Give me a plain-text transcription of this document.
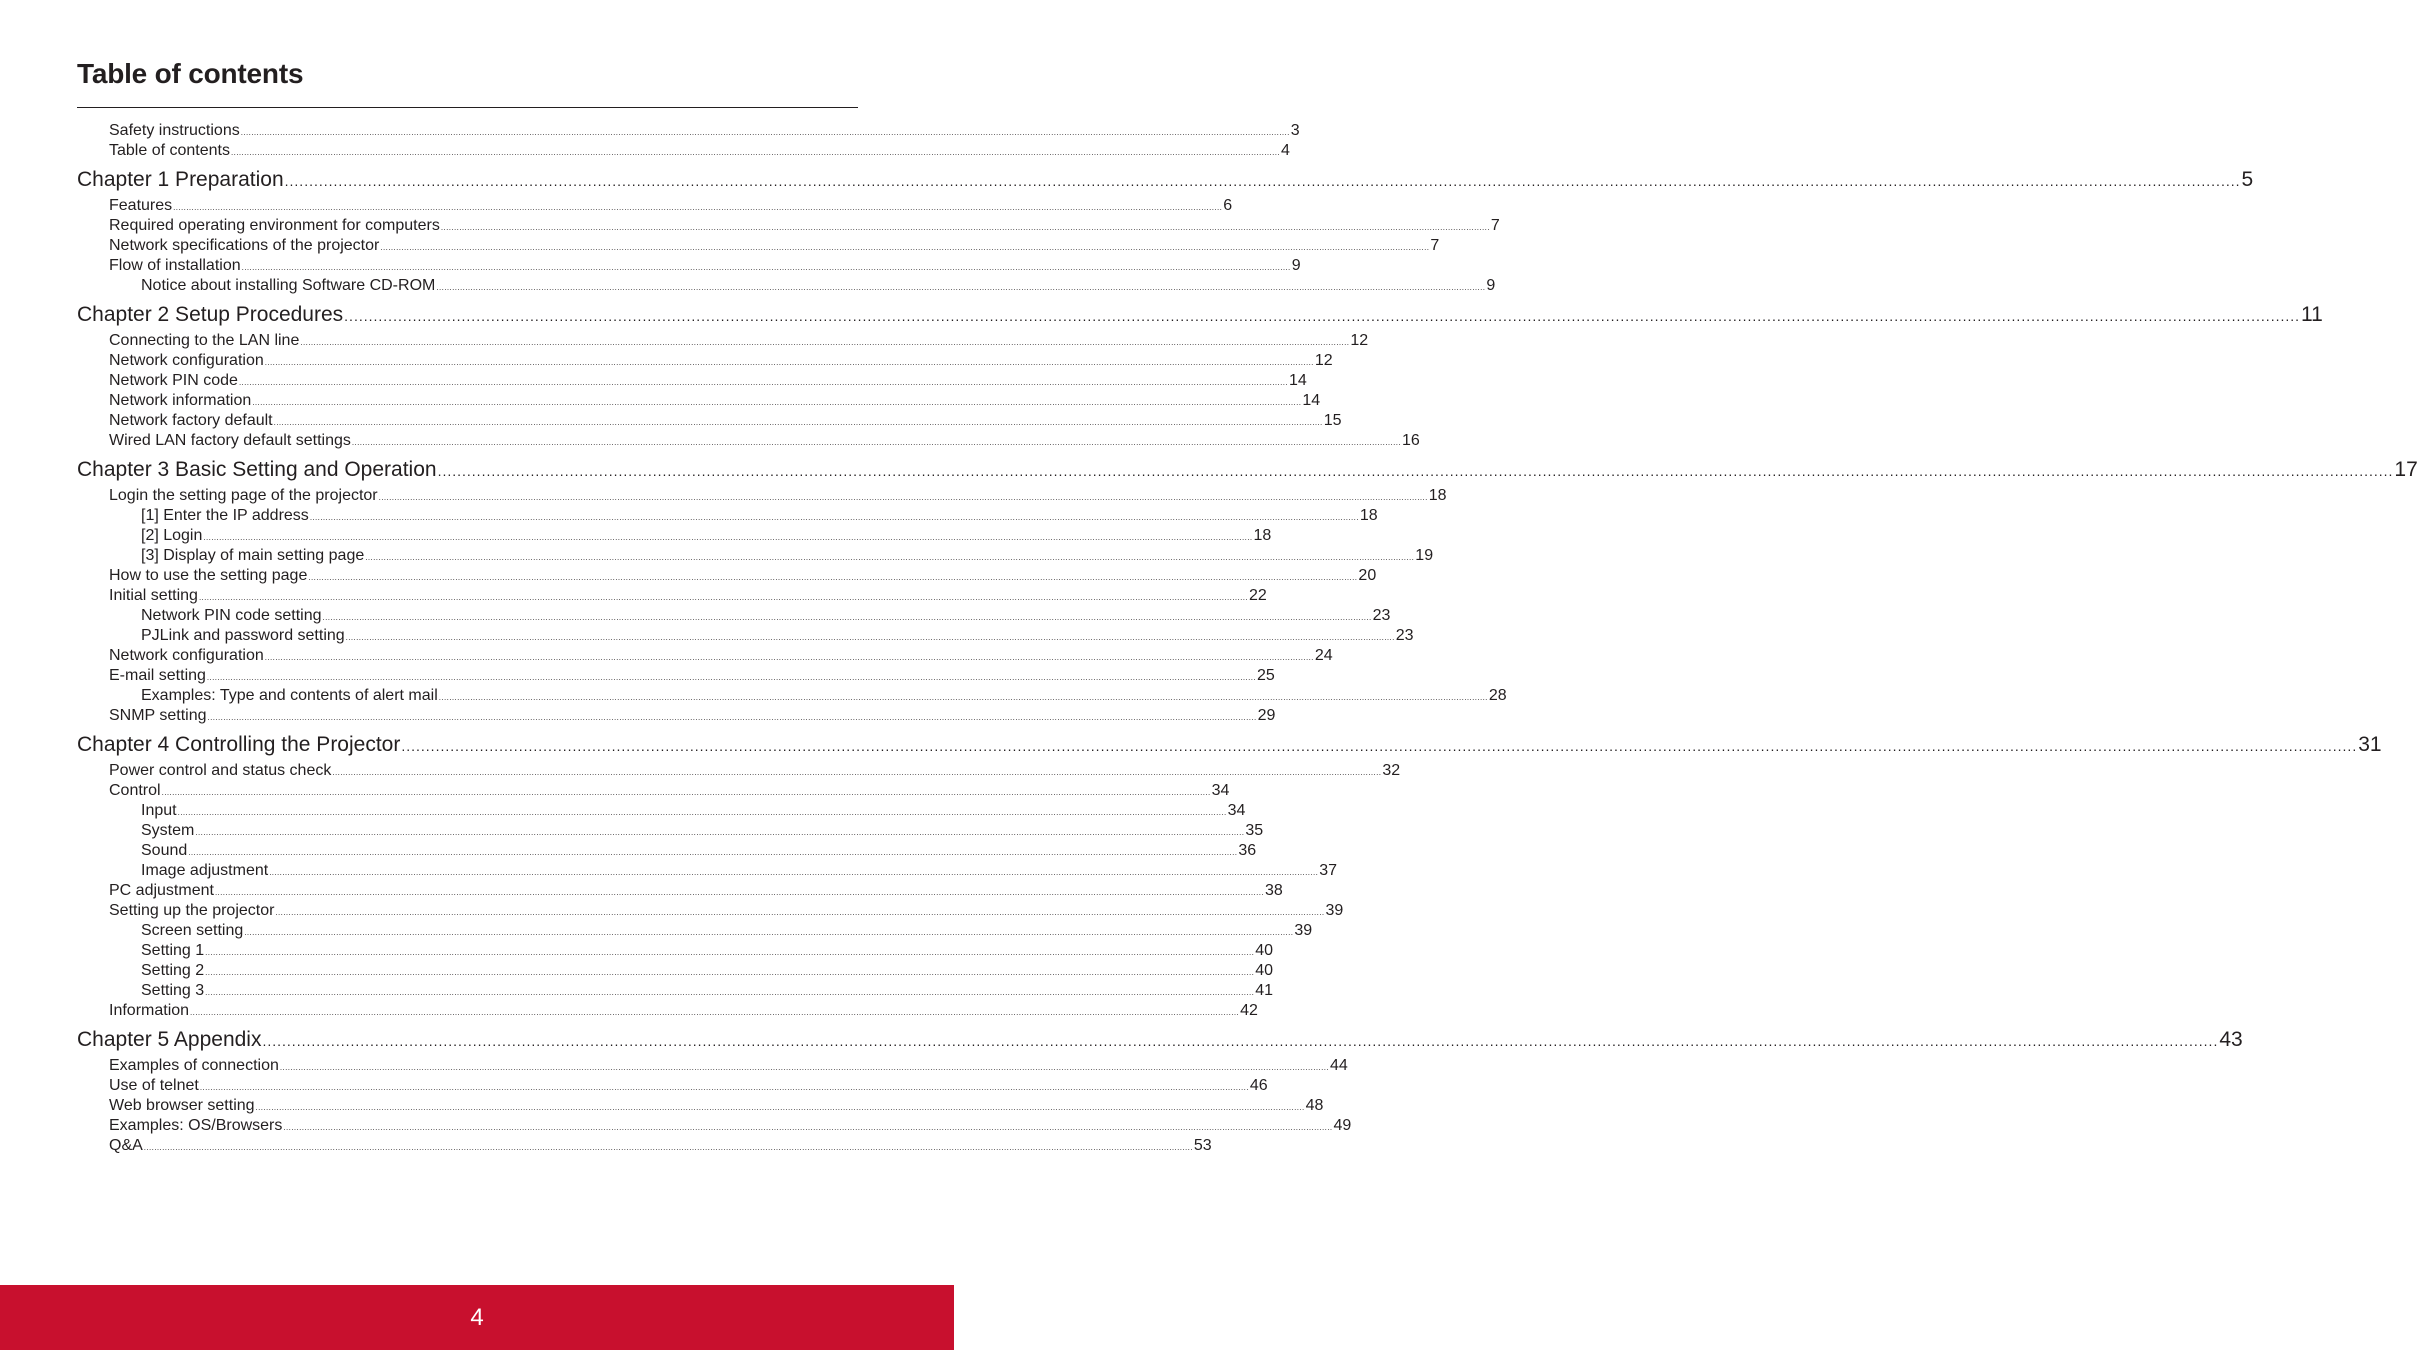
Table of contents
Safety instructions ................................................................................................................................................................................................................................................................................................................................................................................................................ 3
Table of contents ................................................................................................................................................................................................................................................................................................................................................................................................................ 4
Chapter 1 Preparation ................................................................................................................................................................................................................................................................................................................................................................................................................ 5
Features ................................................................................................................................................................................................................................................................................................................................................................................................................ 6
Required operating environment for computers ................................................................................................................................................................................................................................................................................................................................................................................................................ 7
Network specifications of the projector ................................................................................................................................................................................................................................................................................................................................................................................................................ 7
Flow of installation ................................................................................................................................................................................................................................................................................................................................................................................................................ 9
Notice about installing Software CD-ROM ................................................................................................................................................................................................................................................................................................................................................................................................................ 9
Chapter 2 Setup Procedures ................................................................................................................................................................................................................................................................................................................................................................................................................ 11
Connecting to the LAN line ................................................................................................................................................................................................................................................................................................................................................................................................................ 12
Network configuration ................................................................................................................................................................................................................................................................................................................................................................................................................ 12
Network PIN code ................................................................................................................................................................................................................................................................................................................................................................................................................ 14
Network information ................................................................................................................................................................................................................................................................................................................................................................................................................ 14
Network factory default ................................................................................................................................................................................................................................................................................................................................................................................................................ 15
Wired LAN factory default settings ................................................................................................................................................................................................................................................................................................................................................................................................................ 16
Chapter 3 Basic Setting and Operation ................................................................................................................................................................................................................................................................................................................................................................................................................ 17
Login the setting page of the projector ................................................................................................................................................................................................................................................................................................................................................................................................................ 18
[1] Enter the IP address ................................................................................................................................................................................................................................................................................................................................................................................................................ 18
[2] Login ................................................................................................................................................................................................................................................................................................................................................................................................................ 18
[3] Display of main setting page ................................................................................................................................................................................................................................................................................................................................................................................................................ 19
How to use the setting page ................................................................................................................................................................................................................................................................................................................................................................................................................ 20
Initial setting ................................................................................................................................................................................................................................................................................................................................................................................................................ 22
Network PIN code setting ................................................................................................................................................................................................................................................................................................................................................................................................................ 23
PJLink and password setting ................................................................................................................................................................................................................................................................................................................................................................................................................ 23
Network configuration ................................................................................................................................................................................................................................................................................................................................................................................................................ 24
E-mail setting ................................................................................................................................................................................................................................................................................................................................................................................................................ 25
Examples: Type and contents of alert mail ................................................................................................................................................................................................................................................................................................................................................................................................................ 28
SNMP setting ................................................................................................................................................................................................................................................................................................................................................................................................................ 29
Chapter 4 Controlling the Projector ................................................................................................................................................................................................................................................................................................................................................................................................................ 31
Power control and status check ................................................................................................................................................................................................................................................................................................................................................................................................................ 32
Control ................................................................................................................................................................................................................................................................................................................................................................................................................ 34
Input ................................................................................................................................................................................................................................................................................................................................................................................................................ 34
System ................................................................................................................................................................................................................................................................................................................................................................................................................ 35
Sound ................................................................................................................................................................................................................................................................................................................................................................................................................ 36
Image adjustment ................................................................................................................................................................................................................................................................................................................................................................................................................ 37
PC adjustment ................................................................................................................................................................................................................................................................................................................................................................................................................ 38
Setting up the projector ................................................................................................................................................................................................................................................................................................................................................................................................................ 39
Screen setting ................................................................................................................................................................................................................................................................................................................................................................................................................ 39
Setting 1 ................................................................................................................................................................................................................................................................................................................................................................................................................ 40
Setting 2 ................................................................................................................................................................................................................................................................................................................................................................................................................ 40
Setting 3 ................................................................................................................................................................................................................................................................................................................................................................................................................ 41
Information ................................................................................................................................................................................................................................................................................................................................................................................................................ 42
Chapter 5 Appendix ................................................................................................................................................................................................................................................................................................................................................................................................................ 43
Examples of connection ................................................................................................................................................................................................................................................................................................................................................................................................................ 44
Use of telnet ................................................................................................................................................................................................................................................................................................................................................................................................................ 46
Web browser setting ................................................................................................................................................................................................................................................................................................................................................................................................................ 48
Examples: OS/Browsers ................................................................................................................................................................................................................................................................................................................................................................................................................ 49
Q&A ................................................................................................................................................................................................................................................................................................................................................................................................................ 53
4
